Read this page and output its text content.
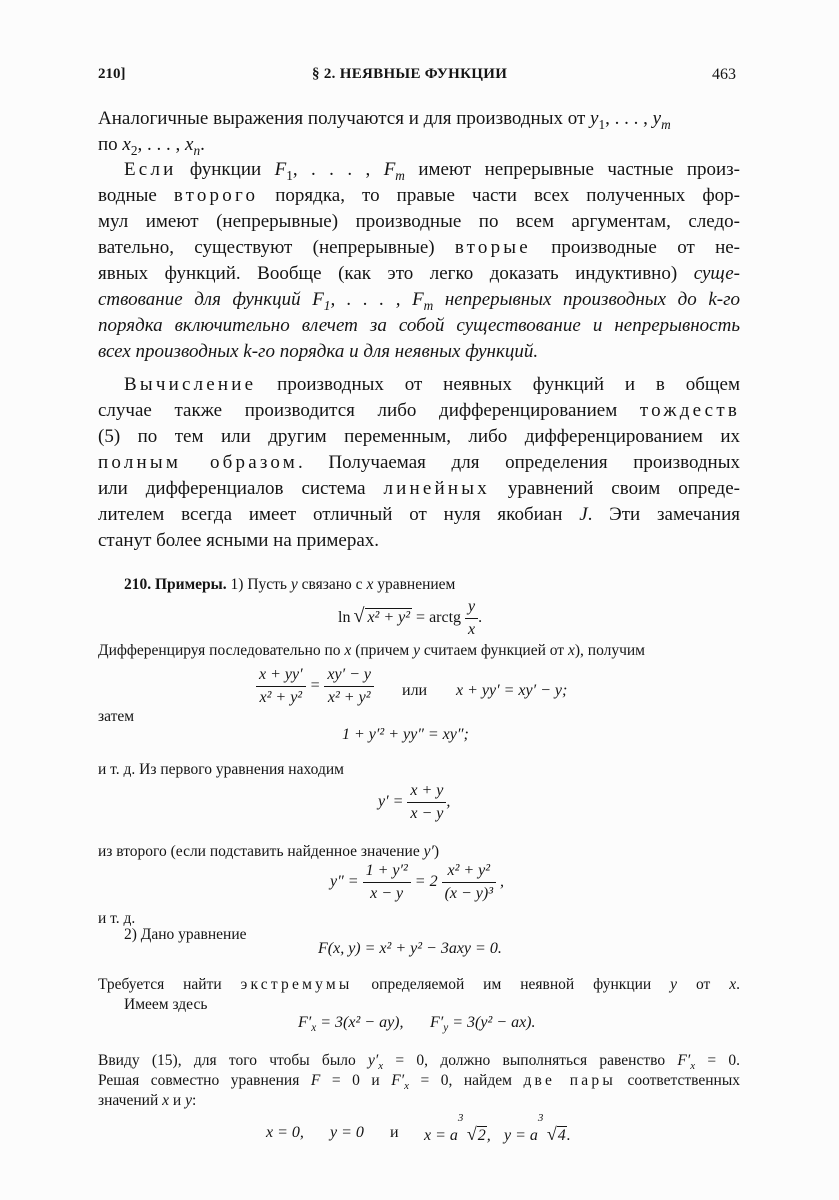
210]	§ 2. НЕЯВНЫЕ ФУНКЦИИ	463
Аналогичные выражения получаются и для производных от $y_1$, . . . , $y_m$
по $x_2$, . . . , $x_n$.
Если функции $F_1$, . . . , $F_m$ имеют непрерывные частные произ-
водные второго порядка, то правые части всех полученных фор-
мул имеют (непрерывные) производные по всем аргументам, следо-
вательно, существуют (непрерывные) вторые производные от не-
явных функций. Вообще (как это легко доказать индуктивно) суще-
ствование для функций $F_1$, . . . , $F_m$ непрерывных производных до k-го
порядка включительно влечет за собой существование и непрерывность
всех производных k-го порядка и для неявных функций.
Вычисление производных от неявных функций и в общем
случае также производится либо дифференцированием тождеств
(5) по тем или другим переменным, либо дифференцированием их
полным образом. Получаемая для определения производных
или дифференциалов система линейных уравнений своим опреде-
лителем всегда имеет отличный от нуля якобиан J. Эти замечания
станут более ясными на примерах.
210. Примеры. 1) Пусть y связано с x уравнением
ln √ x² + y² = arctg $\frac{y}{x}$ .
Дифференцируя последовательно по x (причем y считаем функцией от x), получим
$\frac{x + yy'}{\text{x² + y²}} = \frac{xy' - y}{\text{x² + y²}}$ или x + yy′ = xy′ − y;
затем
1 + y′² + yy″ = xy″;
и т. д. Из первого уравнения находим
$y' = \frac{x + y}{x - y}$ ,
из второго (если подставить найденное значение y′)
$y'' = \frac{\text{1 + y′²}}{x - y} = 2 \frac{\text{x² + y²}}{\text{(x − y)³}}$ ,
и т. д.
2) Дано уравнение
F(x, y) = x² + y² − 3axy = 0.
Требуется найти экстремумы определяемой им неявной функции y от x.
Имеем здесь
$F'_x = 3(x^2 - ay)$, $F'_y = 3(y^2 - ax)$.
Ввиду (15), для того чтобы было $y'_x = 0$, должно выполняться равенство $F'_x = 0$.
Решая совместно уравнения F = 0 и $F'_x = 0$, найдем две пары соответственных
значений x и y:
x = 0, y = 0 и x = a
3
√2, y = a
3
√4.
